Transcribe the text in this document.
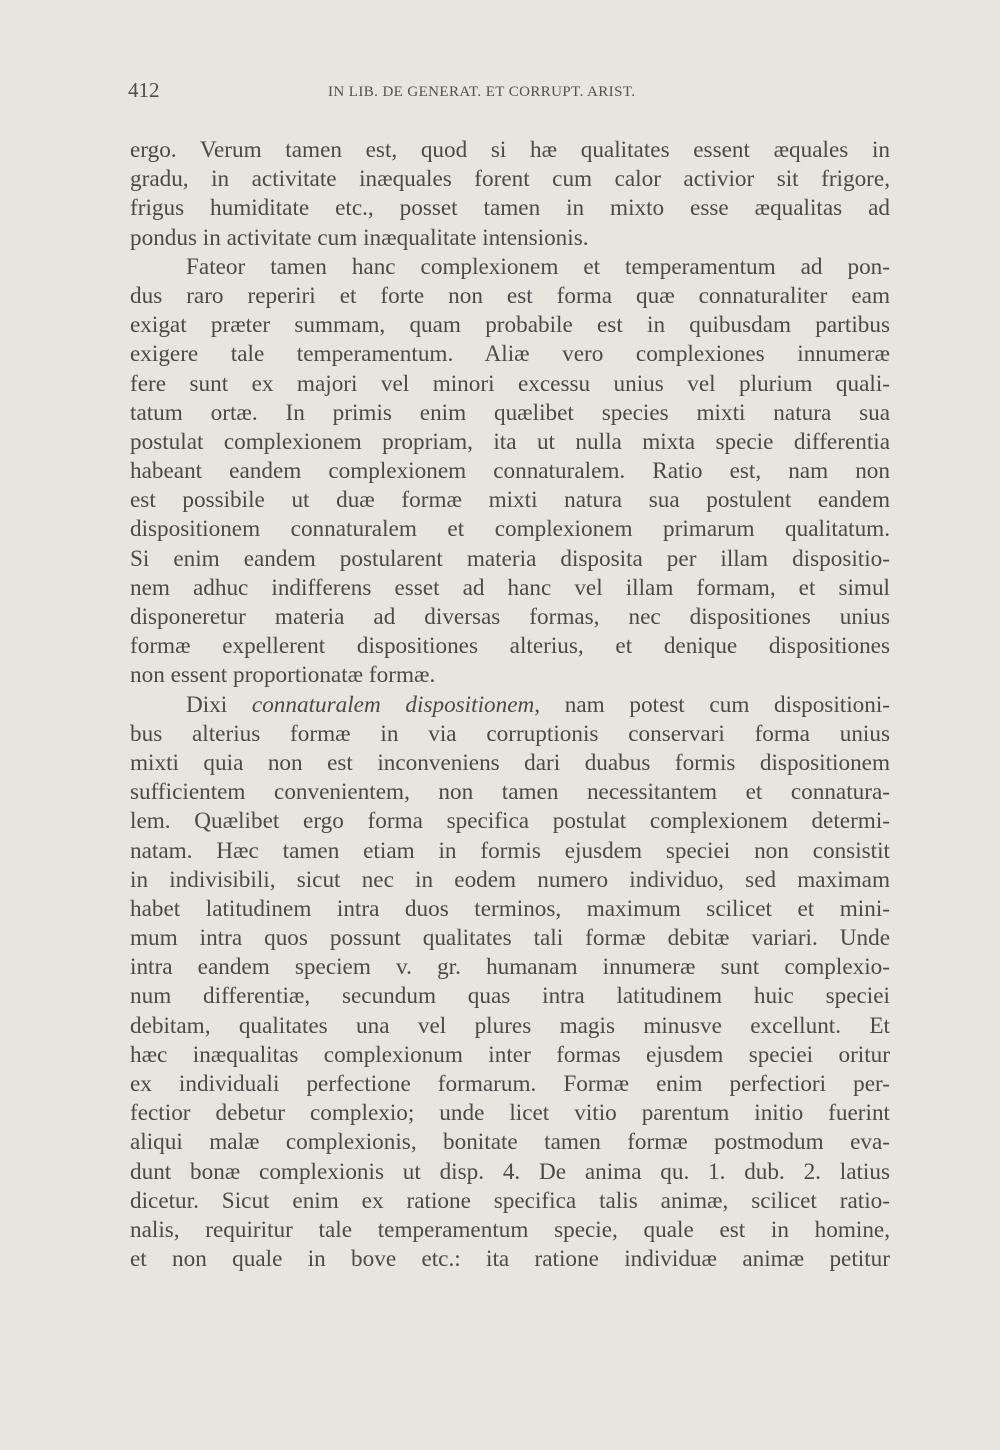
412	IN LIB. DE GENERAT. ET CORRUPT. ARIST.
ergo. Verum tamen est, quod si hæ qualitates essent æquales in
gradu, in activitate inæquales forent cum calor activior sit frigore,
frigus humiditate etc., posset tamen in mixto esse æqualitas ad
pondus in activitate cum inæqualitate intensionis.
Fateor tamen hanc complexionem et temperamentum ad pon-
dus raro reperiri et forte non est forma quæ connaturaliter eam
exigat præter summam, quam probabile est in quibusdam partibus
exigere tale temperamentum. Aliæ vero complexiones innumeræ
fere sunt ex majori vel minori excessu unius vel plurium quali-
tatum ortæ. In primis enim quælibet species mixti natura sua
postulat complexionem propriam, ita ut nulla mixta specie differentia
habeant eandem complexionem connaturalem. Ratio est, nam non
est possibile ut duæ formæ mixti natura sua postulent eandem
dispositionem connaturalem et complexionem primarum qualitatum.
Si enim eandem postularent materia disposita per illam dispositio-
nem adhuc indifferens esset ad hanc vel illam formam, et simul
disponeretur materia ad diversas formas, nec dispositiones unius
formæ expellerent dispositiones alterius, et denique dispositiones
non essent proportionatæ formæ.
Dixi connaturalem dispositionem, nam potest cum dispositioni-
bus alterius formæ in via corruptionis conservari forma unius
mixti quia non est inconveniens dari duabus formis dispositionem
sufficientem convenientem, non tamen necessitantem et connatura-
lem. Quælibet ergo forma specifica postulat complexionem determi-
natam. Hæc tamen etiam in formis ejusdem speciei non consistit
in indivisibili, sicut nec in eodem numero individuo, sed maximam
habet latitudinem intra duos terminos, maximum scilicet et mini-
mum intra quos possunt qualitates tali formæ debitæ variari. Unde
intra eandem speciem v. gr. humanam innumeræ sunt complexio-
num differentiæ, secundum quas intra latitudinem huic speciei
debitam, qualitates una vel plures magis minusve excellunt. Et
hæc inæqualitas complexionum inter formas ejusdem speciei oritur
ex individuali perfectione formarum. Formæ enim perfectiori per-
fectior debetur complexio; unde licet vitio parentum initio fuerint
aliqui malæ complexionis, bonitate tamen formæ postmodum eva-
dunt bonæ complexionis ut disp. 4. De anima qu. 1. dub. 2. latius
dicetur. Sicut enim ex ratione specifica talis animæ, scilicet ratio-
nalis, requiritur tale temperamentum specie, quale est in homine,
et non quale in bove etc.: ita ratione individuæ animæ petitur
